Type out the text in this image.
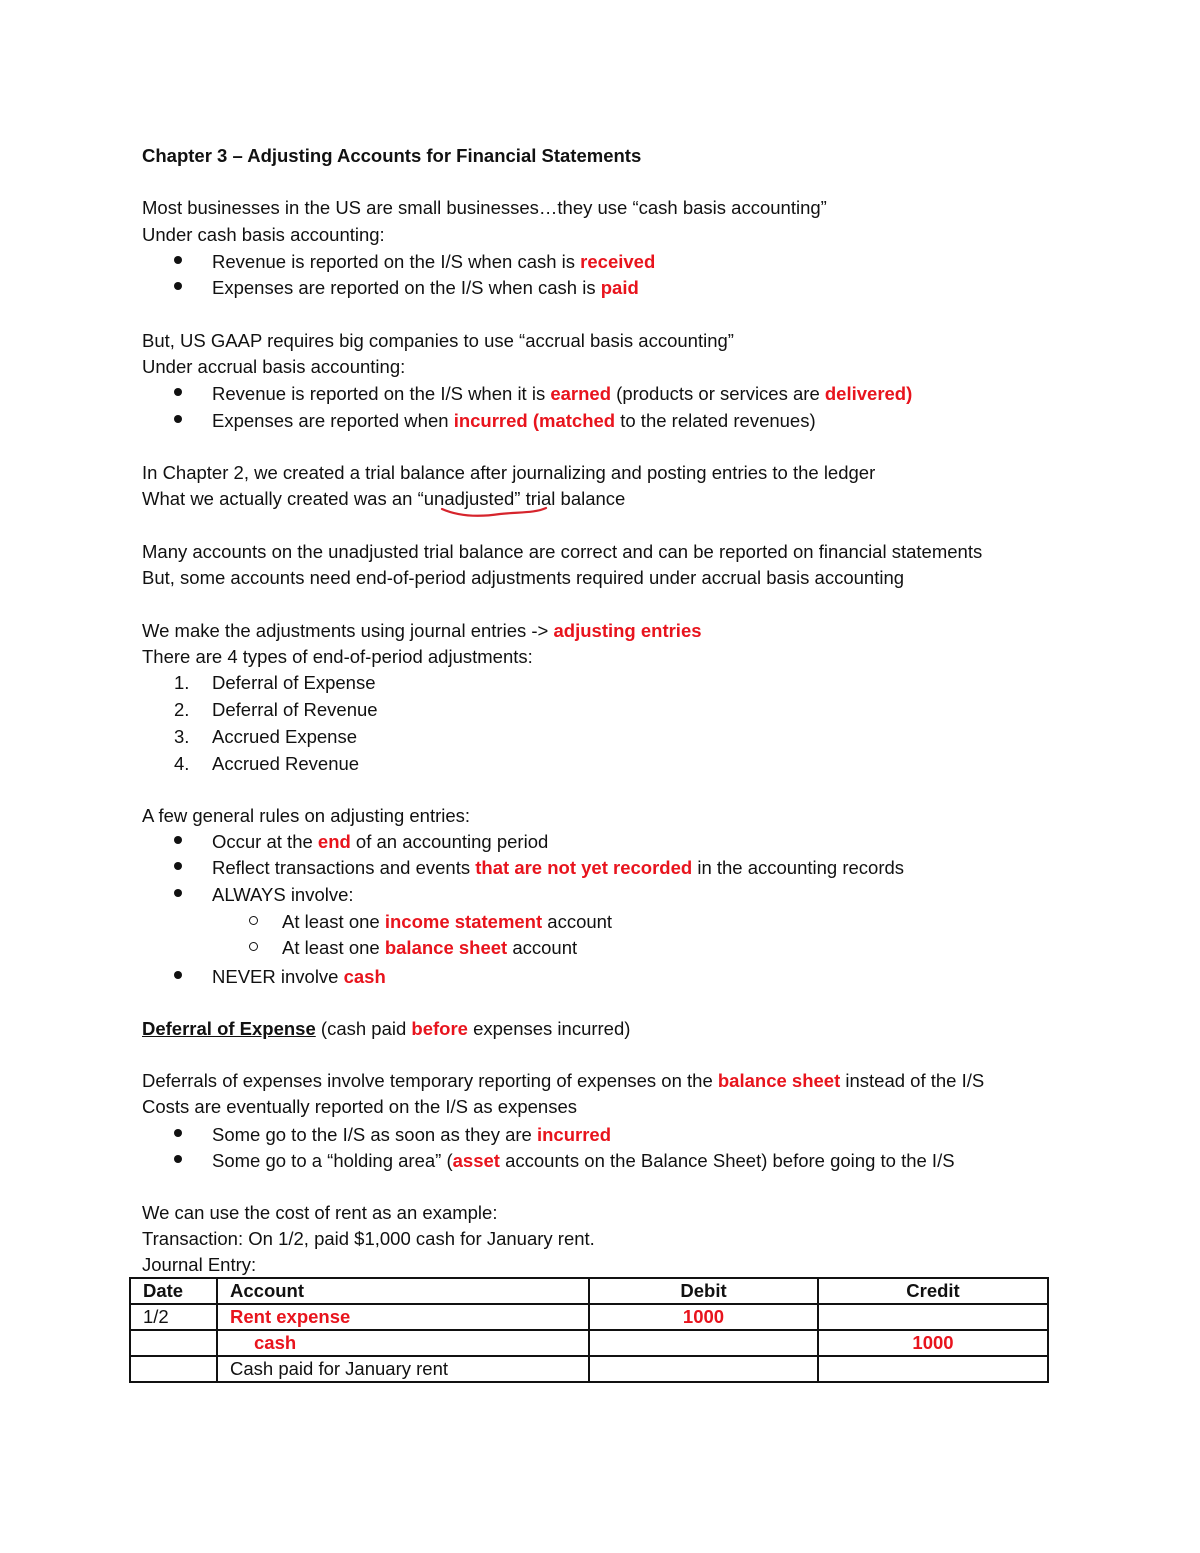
Chapter 3 – Adjusting Accounts for Financial Statements
Most businesses in the US are small businesses…they use “cash basis accounting”
Under cash basis accounting:
Revenue is reported on the I/S when cash is received
Expenses are reported on the I/S when cash is paid
But, US GAAP requires big companies to use “accrual basis accounting”
Under accrual basis accounting:
Revenue is reported on the I/S when it is earned (products or services are delivered)
Expenses are reported when incurred (matched to the related revenues)
In Chapter 2, we created a trial balance after journalizing and posting entries to the ledger
What we actually created was an “unadjusted” trial balance
Many accounts on the unadjusted trial balance are correct and can be reported on financial statements
But, some accounts need end-of-period adjustments required under accrual basis accounting
We make the adjustments using journal entries -> adjusting entries
There are 4 types of end-of-period adjustments:
1. Deferral of Expense
2. Deferral of Revenue
3. Accrued Expense
4. Accrued Revenue
A few general rules on adjusting entries:
Occur at the end of an accounting period
Reflect transactions and events that are not yet recorded in the accounting records
ALWAYS involve:
At least one income statement account
At least one balance sheet account
NEVER involve cash
Deferral of Expense (cash paid before expenses incurred)
Deferrals of expenses involve temporary reporting of expenses on the balance sheet instead of the I/S
Costs are eventually reported on the I/S as expenses
Some go to the I/S as soon as they are incurred
Some go to a “holding area” (asset accounts on the Balance Sheet) before going to the I/S
We can use the cost of rent as an example:
Transaction: On 1/2, paid $1,000 cash for January rent.
Journal Entry:
Date	Account	Debit	Credit
1/2	Rent expense	1000	
	cash		1000
	Cash paid for January rent		
